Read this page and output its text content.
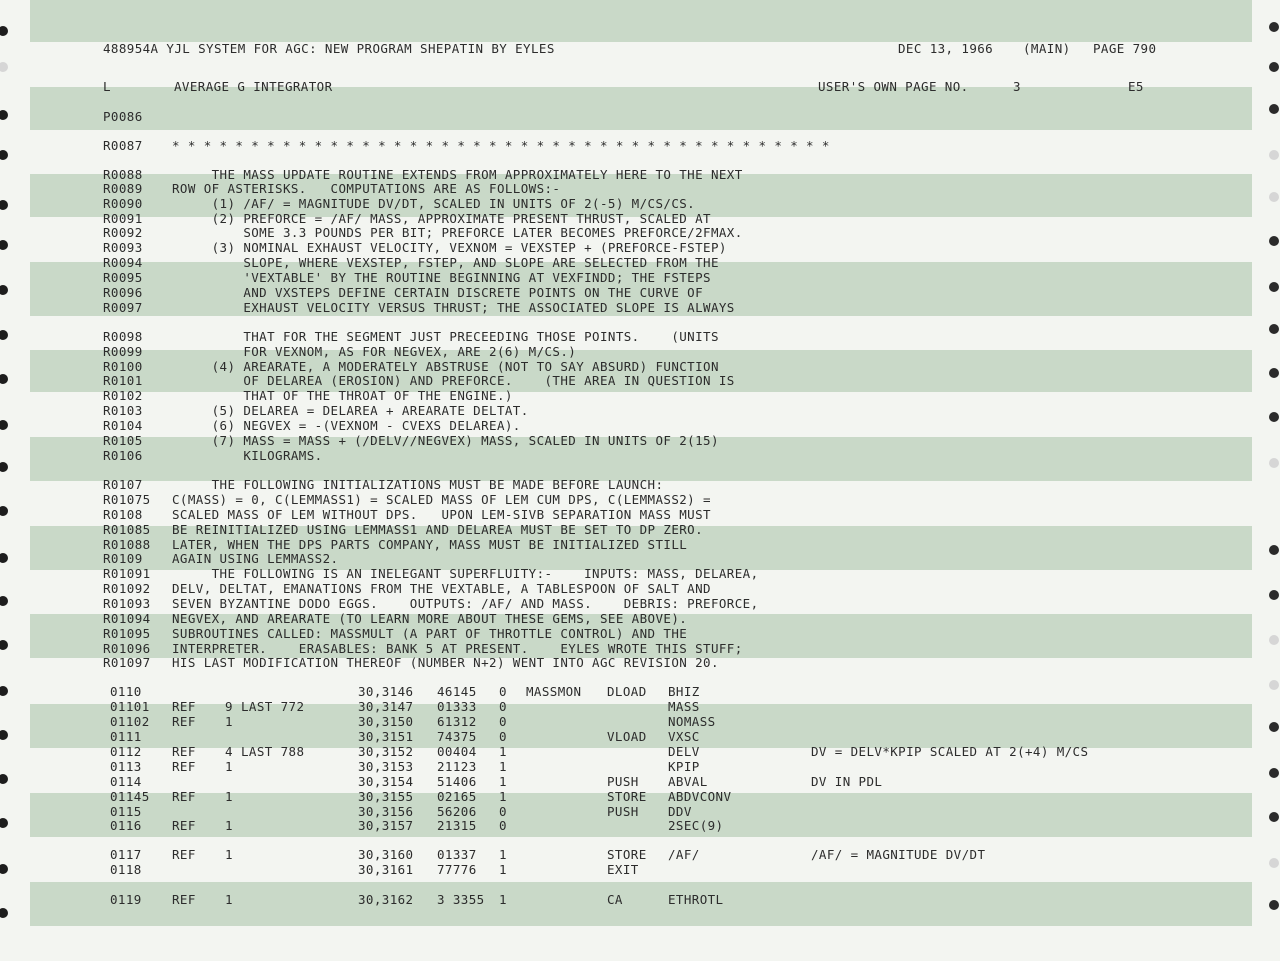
488954A YJL SYSTEM FOR AGC: NEW PROGRAM SHEPATIN BY EYLES	DEC 13, 1966 (MAIN) PAGE 790
L	AVERAGE G INTEGRATOR	USER'S OWN PAGE NO.	3	E5
P0086
R0087 * * * * * * * * * * * * * * * * * * * * * * * * * * * * * * * * * * * * * * * * * *
R0088 THE MASS UPDATE ROUTINE EXTENDS FROM APPROXIMATELY HERE TO THE NEXT
R0089 ROW OF ASTERISKS.   COMPUTATIONS ARE AS FOLLOWS:-
R0090 (1) /AF/ = MAGNITUDE DV/DT, SCALED IN UNITS OF 2(-5) M/CS/CS.
R0091 (2) PREFORCE = /AF/ MASS, APPROXIMATE PRESENT THRUST, SCALED AT
R0092 SOME 3.3 POUNDS PER BIT; PREFORCE LATER BECOMES PREFORCE/2FMAX.
R0093 (3) NOMINAL EXHAUST VELOCITY, VEXNOM = VEXSTEP + (PREFORCE-FSTEP)
R0094 SLOPE, WHERE VEXSTEP, FSTEP, AND SLOPE ARE SELECTED FROM THE
R0095 'VEXTABLE' BY THE ROUTINE BEGINNING AT VEXFINDD; THE FSTEPS
R0096 AND VXSTEPS DEFINE CERTAIN DISCRETE POINTS ON THE CURVE OF
R0097 EXHAUST VELOCITY VERSUS THRUST; THE ASSOCIATED SLOPE IS ALWAYS
R0098 THAT FOR THE SEGMENT JUST PRECEEDING THOSE POINTS.    (UNITS
R0099 FOR VEXNOM, AS FOR NEGVEX, ARE 2(6) M/CS.)
R0100 (4) AREARATE, A MODERATELY ABSTRUSE (NOT TO SAY ABSURD) FUNCTION
R0101 OF DELAREA (EROSION) AND PREFORCE.    (THE AREA IN QUESTION IS
R0102 THAT OF THE THROAT OF THE ENGINE.)
R0103 (5) DELAREA = DELAREA + AREARATE DELTAT.
R0104 (6) NEGVEX = -(VEXNOM - CVEXS DELAREA).
R0105 (7) MASS = MASS + (/DELV//NEGVEX) MASS, SCALED IN UNITS OF 2(15)
R0106 KILOGRAMS.
R0107 THE FOLLOWING INITIALIZATIONS MUST BE MADE BEFORE LAUNCH:
R01075 C(MASS) = 0, C(LEMMASS1) = SCALED MASS OF LEM CUM DPS, C(LEMMASS2) =
R0108 SCALED MASS OF LEM WITHOUT DPS.   UPON LEM-SIVB SEPARATION MASS MUST
R01085 BE REINITIALIZED USING LEMMASS1 AND DELAREA MUST BE SET TO DP ZERO.
R01088 LATER, WHEN THE DPS PARTS COMPANY, MASS MUST BE INITIALIZED STILL
R0109 AGAIN USING LEMMASS2.
R01091 THE FOLLOWING IS AN INELEGANT SUPERFLUITY:-    INPUTS: MASS, DELAREA,
R01092 DELV, DELTAT, EMANATIONS FROM THE VEXTABLE, A TABLESPOON OF SALT AND
R01093 SEVEN BYZANTINE DODO EGGS.    OUTPUTS: /AF/ AND MASS.    DEBRIS: PREFORCE,
R01094 NEGVEX, AND AREARATE (TO LEARN MORE ABOUT THESE GEMS, SEE ABOVE).
R01095 SUBROUTINES CALLED: MASSMULT (A PART OF THROTTLE CONTROL) AND THE
R01096 INTERPRETER.    ERASABLES: BANK 5 AT PRESENT.    EYLES WROTE THIS STUFF;
R01097 HIS LAST MODIFICATION THEREOF (NUMBER N+2) WENT INTO AGC REVISION 20.
0110	30,3146 46145 0 MASSMON DLOAD BHIZ
01101 REF 9 LAST 772	30,3147 01333 0	MASS
01102 REF 1	30,3150 61312 0	NOMASS
0111	30,3151 74375 0	VLOAD VXSC
0112 REF 4 LAST 788	30,3152 00404 1	DELV	DV = DELV*KPIP SCALED AT 2(+4) M/CS
0113 REF 1	30,3153 21123 1	KPIP
0114	30,3154 51406 1	PUSH ABVAL	DV IN PDL
01145 REF 1	30,3155 02165 1	STORE ABDVCONV
0115	30,3156 56206 0	PUSH DDV
0116 REF 1	30,3157 21315 0	2SEC(9)
0117 REF 1	30,3160 01337 1	STORE /AF/	/AF/ = MAGNITUDE DV/DT
0118	30,3161 77776 1	EXIT
0119 REF 1	30,3162 3 3355 1	CA	ETHROTL
